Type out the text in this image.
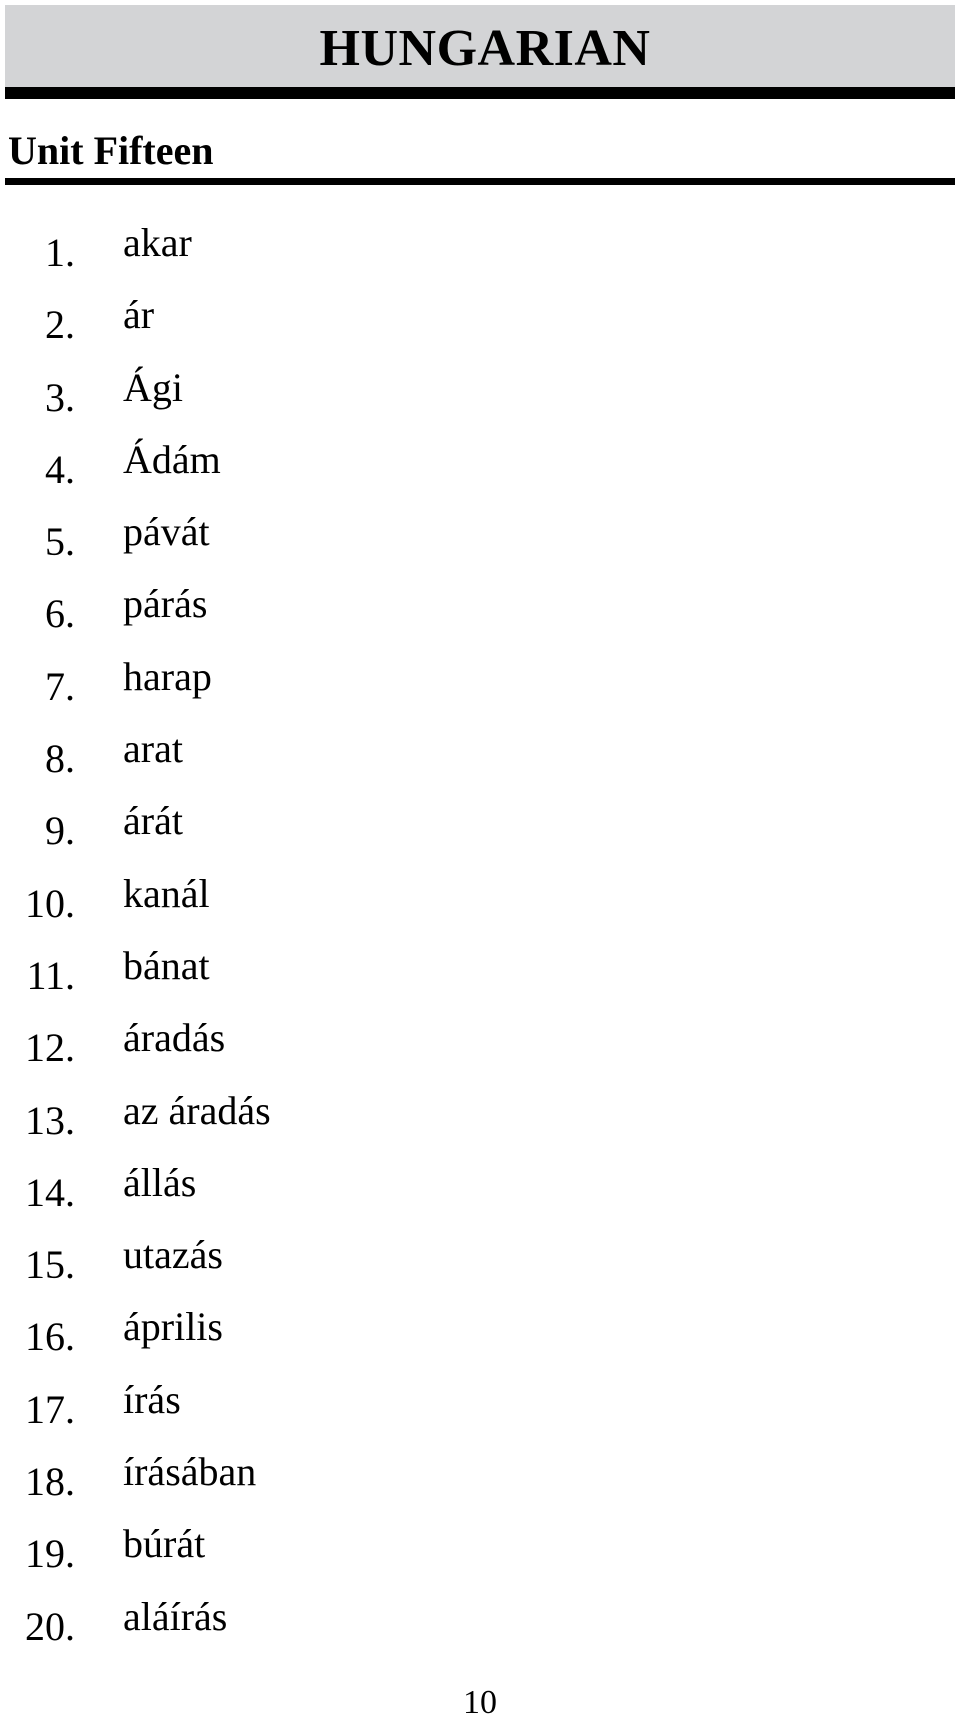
HUNGARIAN
Unit Fifteen
1. akar
2. ár
3. Ági
4. Ádám
5. pávát
6. párás
7. harap
8. arat
9. árát
10. kanál
11. bánat
12. áradás
13. az áradás
14. állás
15. utazás
16. április
17. írás
18. írásában
19. búrát
20. aláírás
10
